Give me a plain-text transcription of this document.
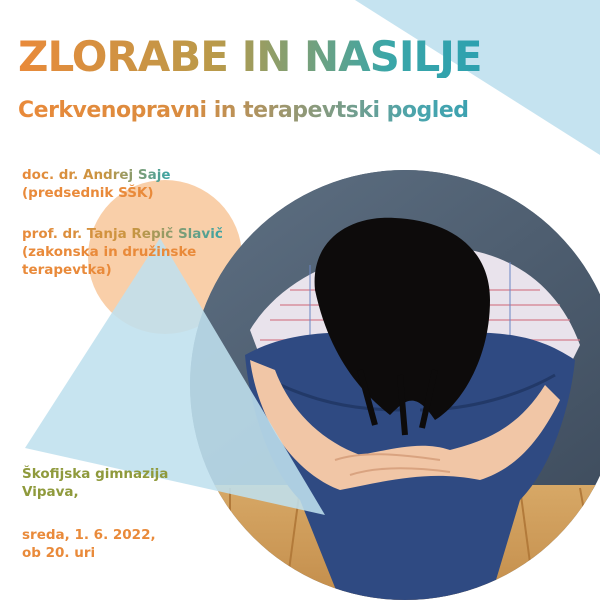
ZLORABE IN NASILJE
Cerkvenopravni in terapevtski pogled
doc. dr. Andrej Saje
(predsednik SŠK)
prof. dr. Tanja Repič Slavič
(zakonska in družinske
terapevtka)
Škofijska gimnazija
Vipava,
sreda, 1. 6. 2022,
ob 20. uri
